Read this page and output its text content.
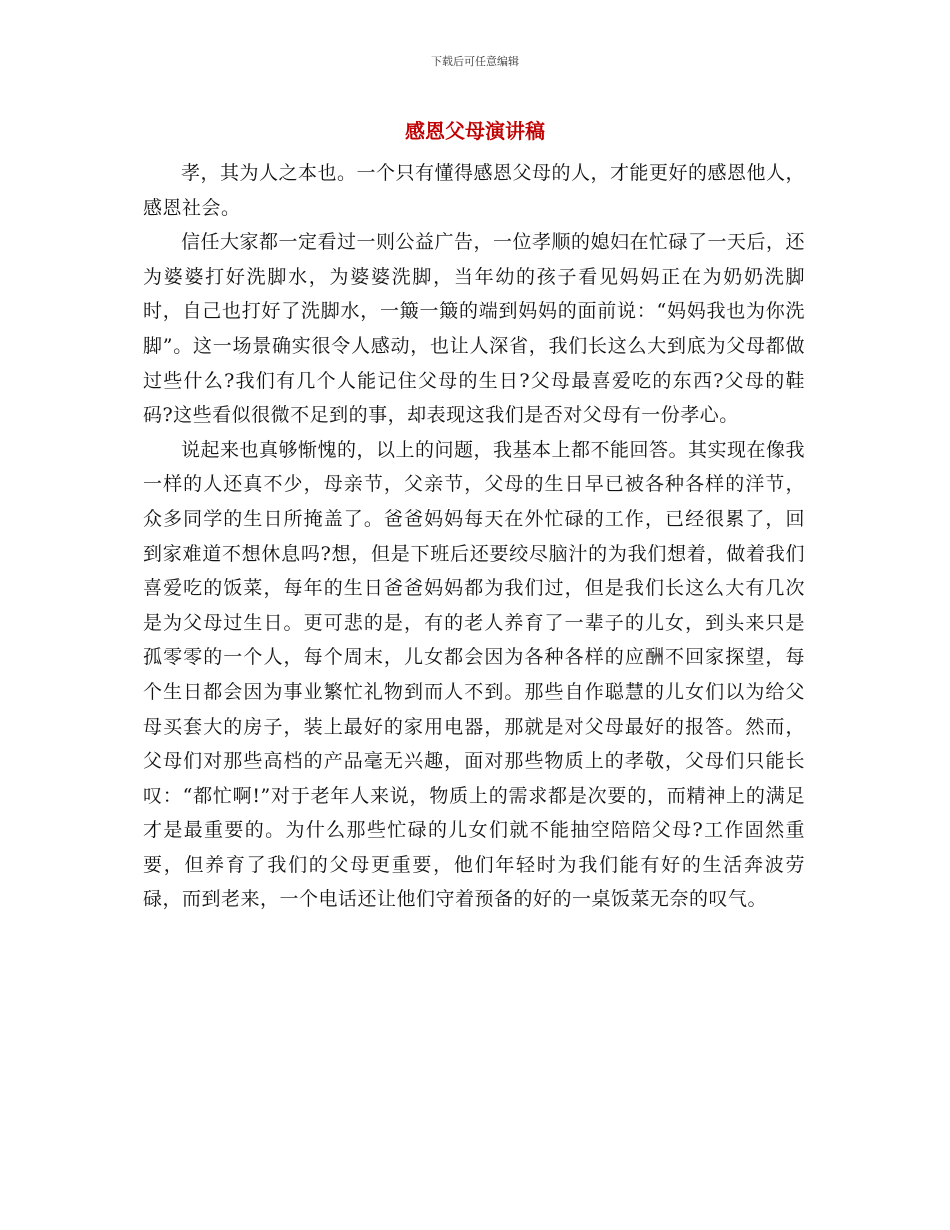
下载后可任意编辑
感恩父母演讲稿

孝，其为人之本也。一个只有懂得感恩父母的人，才能更好的感恩他人，感恩社会。

信任大家都一定看过一则公益广告，一位孝顺的媳妇在忙碌了一天后，还为婆婆打好洗脚水，为婆婆洗脚，当年幼的孩子看见妈妈正在为奶奶洗脚时，自己也打好了洗脚水，一簸一簸的端到妈妈的面前说：“妈妈我也为你洗脚”。这一场景确实很令人感动，也让人深省，我们长这么大到底为父母都做过些什么?我们有几个人能记住父母的生日?父母最喜爱吃的东西?父母的鞋码?这些看似很微不足到的事，却表现这我们是否对父母有一份孝心。

说起来也真够惭愧的，以上的问题，我基本上都不能回答。其实现在像我一样的人还真不少，母亲节，父亲节，父母的生日早已被各种各样的洋节，众多同学的生日所掩盖了。爸爸妈妈每天在外忙碌的工作，已经很累了，回到家难道不想休息吗?想，但是下班后还要绞尽脑汁的为我们想着，做着我们喜爱吃的饭菜，每年的生日爸爸妈妈都为我们过，但是我们长这么大有几次是为父母过生日。更可悲的是，有的老人养育了一辈子的儿女，到头来只是孤零零的一个人，每个周末，儿女都会因为各种各样的应酬不回家探望，每个生日都会因为事业繁忙礼物到而人不到。那些自作聪慧的儿女们以为给父母买套大的房子，装上最好的家用电器，那就是对父母最好的报答。然而，父母们对那些高档的产品毫无兴趣，面对那些物质上的孝敬，父母们只能长叹：“都忙啊!”对于老年人来说，物质上的需求都是次要的，而精神上的满足才是最重要的。为什么那些忙碌的儿女们就不能抽空陪陪父母?工作固然重要，但养育了我们的父母更重要，他们年轻时为我们能有好的生活奔波劳碌，而到老来，一个电话还让他们守着预备的好的一桌饭菜无奈的叹气。
